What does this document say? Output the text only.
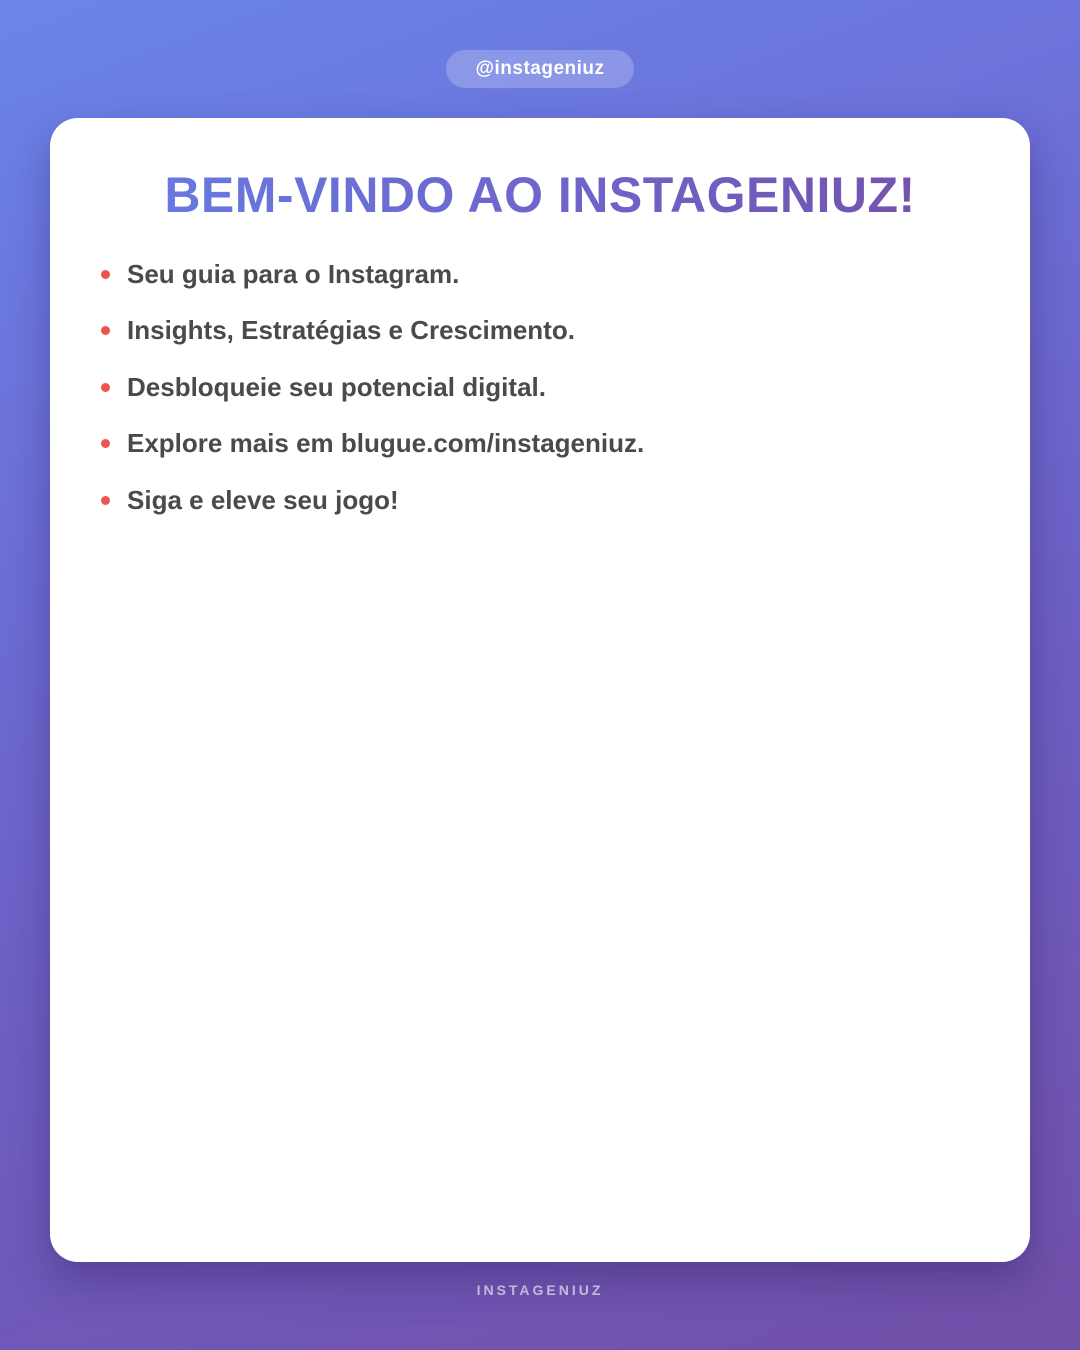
@instageniuz
BEM-VINDO AO INSTAGENIUZ!
Seu guia para o Instagram.
Insights, Estratégias e Crescimento.
Desbloqueie seu potencial digital.
Explore mais em blugue.com/instageniuz.
Siga e eleve seu jogo!
INSTAGENIUZ
